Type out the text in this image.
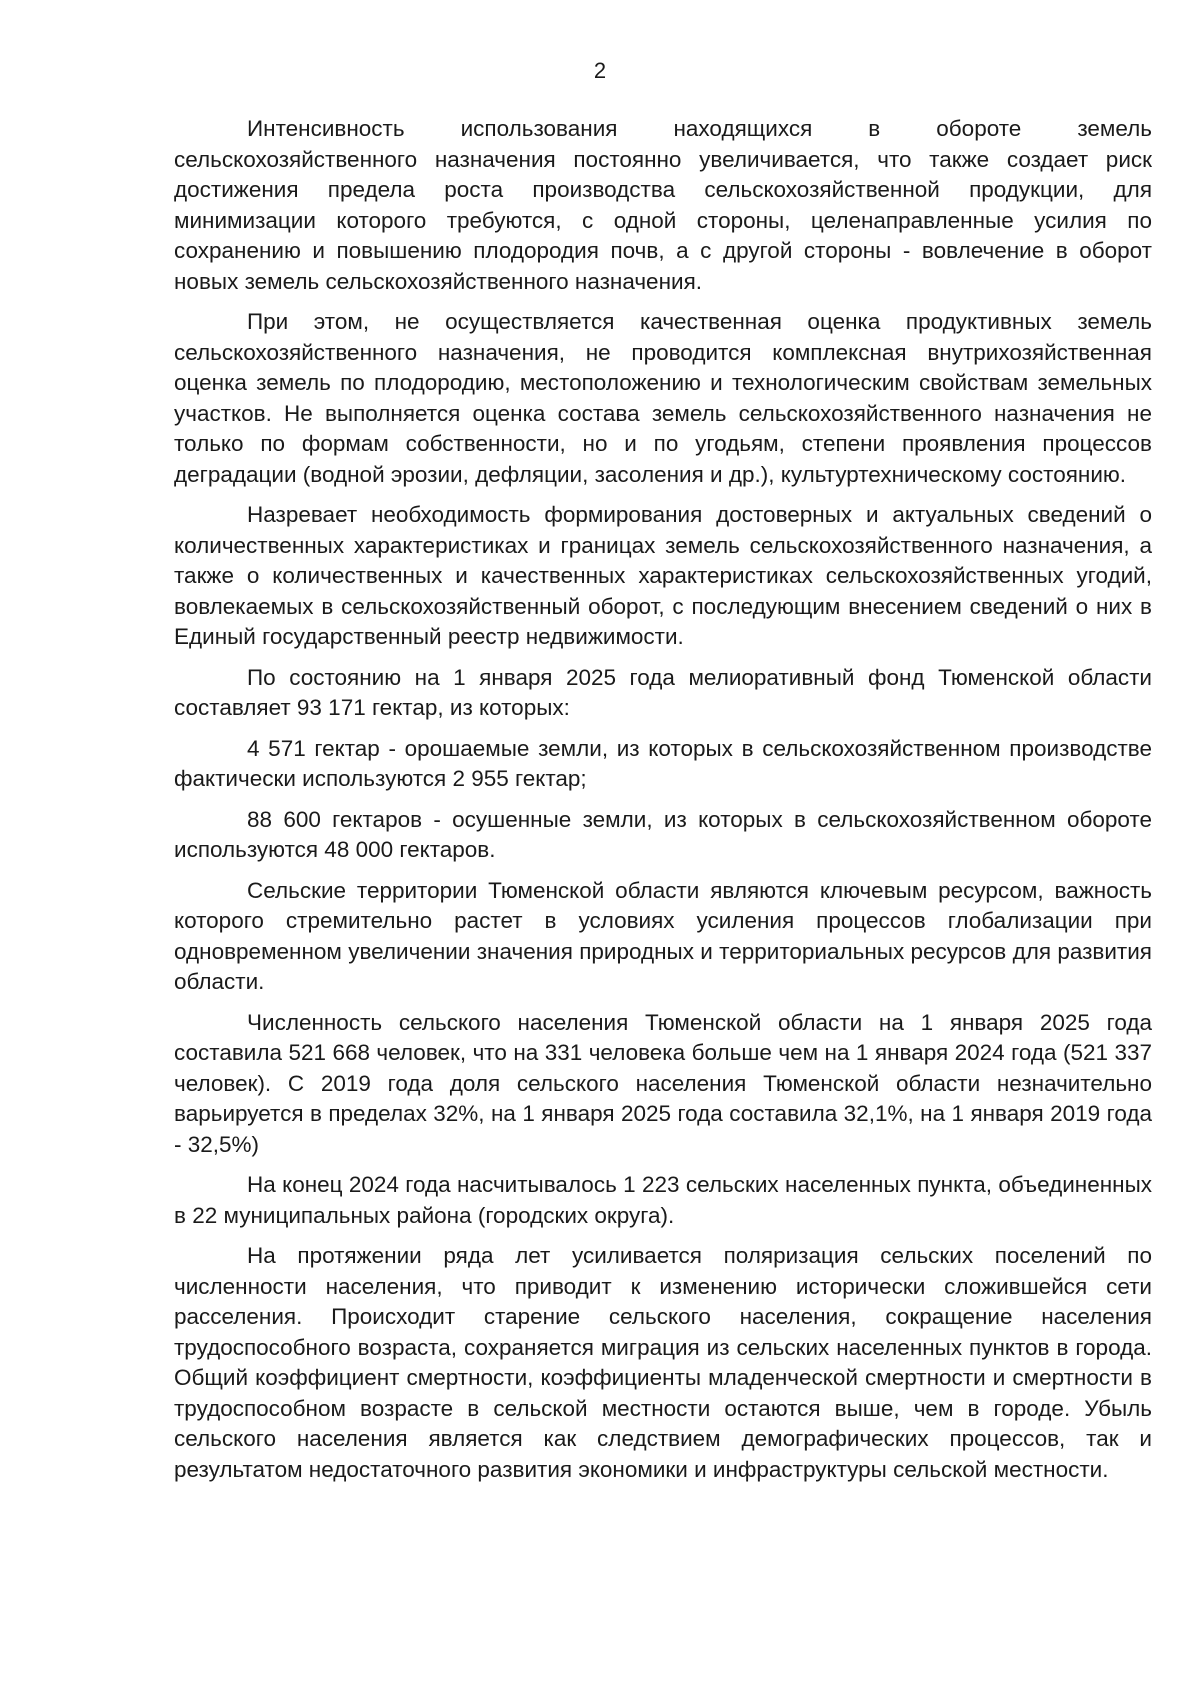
2

Интенсивность использования находящихся в обороте земель сельскохозяйственного назначения постоянно увеличивается, что также создает риск достижения предела роста производства сельскохозяйственной продукции, для минимизации которого требуются, с одной стороны, целенаправленные усилия по сохранению и повышению плодородия почв, а с другой стороны - вовлечение в оборот новых земель сельскохозяйственного назначения.

При этом, не осуществляется качественная оценка продуктивных земель сельскохозяйственного назначения, не проводится комплексная внутрихозяйственная оценка земель по плодородию, местоположению и технологическим свойствам земельных участков. Не выполняется оценка состава земель сельскохозяйственного назначения не только по формам собственности, но и по угодьям, степени проявления процессов деградации (водной эрозии, дефляции, засоления и др.), культуртехническому состоянию.

Назревает необходимость формирования достоверных и актуальных сведений о количественных характеристиках и границах земель сельскохозяйственного назначения, а также о количественных и качественных характеристиках сельскохозяйственных угодий, вовлекаемых в сельскохозяйственный оборот, с последующим внесением сведений о них в Единый государственный реестр недвижимости.

По состоянию на 1 января 2025 года мелиоративный фонд Тюменской области составляет 93 171 гектар, из которых:

4 571 гектар - орошаемые земли, из которых в сельскохозяйственном производстве фактически используются 2 955 гектар;

88 600 гектаров - осушенные земли, из которых в сельскохозяйственном обороте используются 48 000 гектаров.

Сельские территории Тюменской области являются ключевым ресурсом, важность которого стремительно растет в условиях усиления процессов глобализации при одновременном увеличении значения природных и территориальных ресурсов для развития области.

Численность сельского населения Тюменской области на 1 января 2025 года составила 521 668 человек, что на 331 человека больше чем на 1 января 2024 года (521 337 человек). С 2019 года доля сельского населения Тюменской области незначительно варьируется в пределах 32%, на 1 января 2025 года составила 32,1%, на 1 января 2019 года - 32,5%)

На конец 2024 года насчитывалось 1 223 сельских населенных пункта, объединенных в 22 муниципальных района (городских округа).

На протяжении ряда лет усиливается поляризация сельских поселений по численности населения, что приводит к изменению исторически сложившейся сети расселения. Происходит старение сельского населения, сокращение населения трудоспособного возраста, сохраняется миграция из сельских населенных пунктов в города. Общий коэффициент смертности, коэффициенты младенческой смертности и смертности в трудоспособном возрасте в сельской местности остаются выше, чем в городе. Убыль сельского населения является как следствием демографических процессов, так и результатом недостаточного развития экономики и инфраструктуры сельской местности.
